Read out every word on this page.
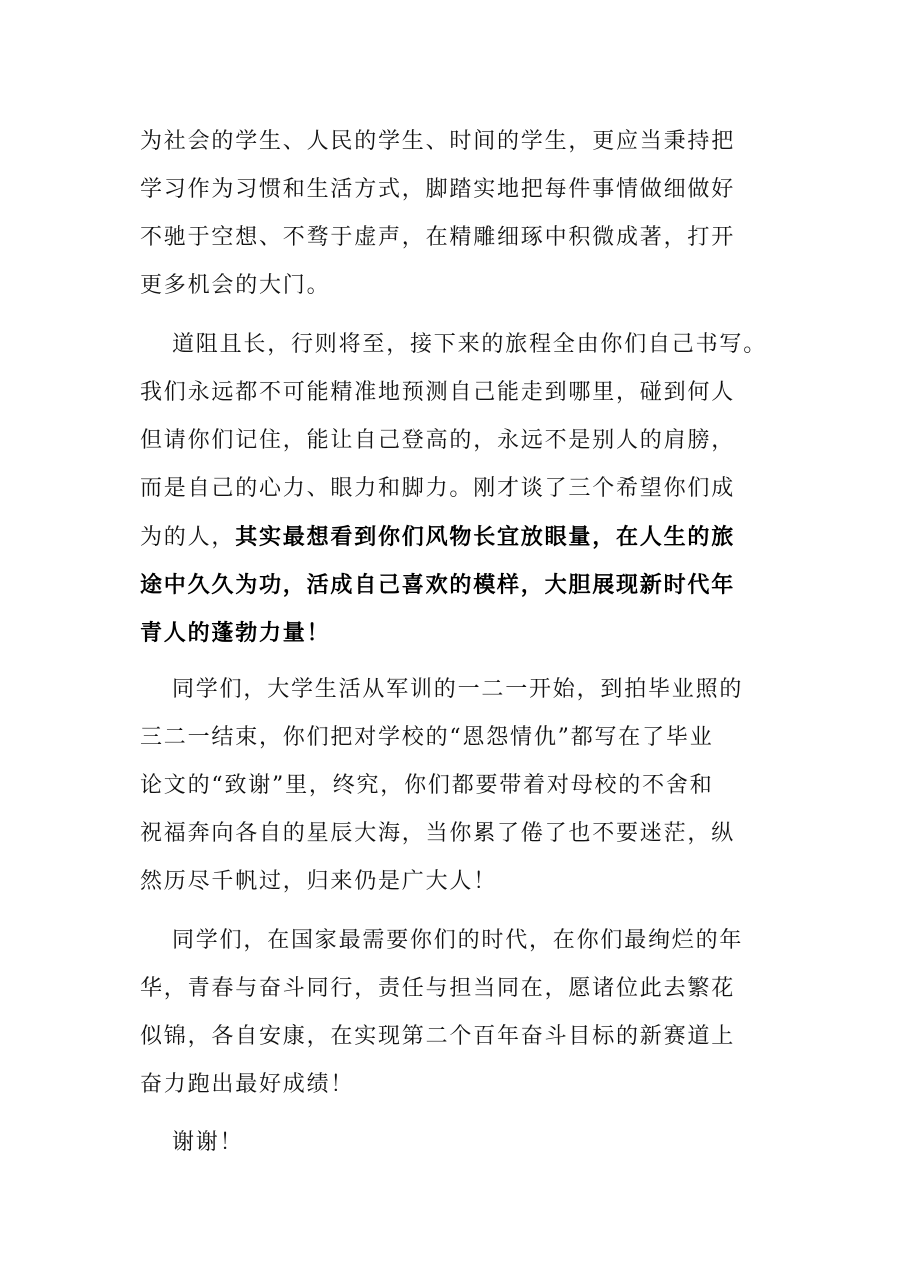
为社会的学生、人民的学生、时间的学生，更应当秉持把

学习作为习惯和生活方式，脚踏实地把每件事情做细做好

不驰于空想、不骛于虚声，在精雕细琢中积微成著，打开

更多机会的大门。

道阻且长，行则将至，接下来的旅程全由你们自己书写。

我们永远都不可能精准地预测自己能走到哪里，碰到何人

但请你们记住，能让自己登高的，永远不是别人的肩膀，

而是自己的心力、眼力和脚力。刚才谈了三个希望你们成

为的人，其实最想看到你们风物长宜放眼量，在人生的旅

途中久久为功，活成自己喜欢的模样，大胆展现新时代年

青人的蓬勃力量！

同学们，大学生活从军训的一二一开始，到拍毕业照的

三二一结束，你们把对学校的“恩怨情仇”都写在了毕业

论文的“致谢”里，终究，你们都要带着对母校的不舍和

祝福奔向各自的星辰大海，当你累了倦了也不要迷茫，纵

然历尽千帆过，归来仍是广大人！

同学们，在国家最需要你们的时代，在你们最绚烂的年

华，青春与奋斗同行，责任与担当同在，愿诸位此去繁花

似锦，各自安康，在实现第二个百年奋斗目标的新赛道上

奋力跑出最好成绩！

谢谢！
